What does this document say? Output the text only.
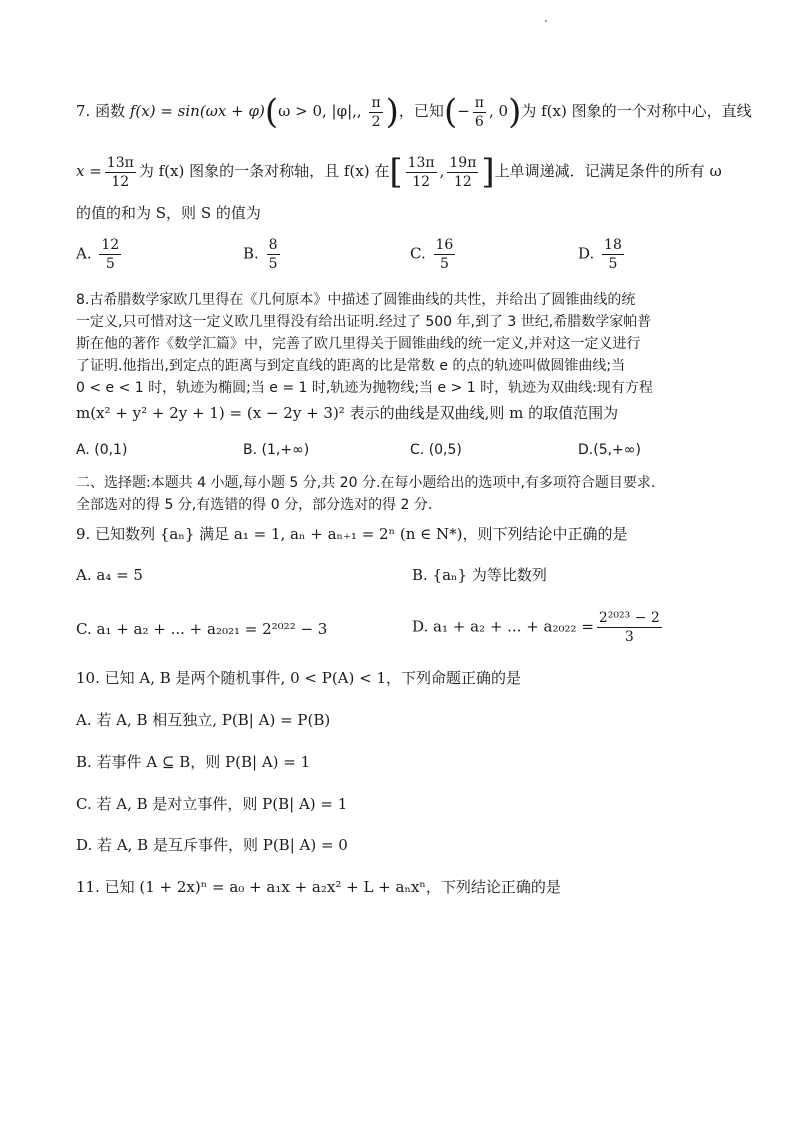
7. 函数 f(x) = sin(ωx + φ)(ω > 0, |φ|,, $\frac{\pi}{2}$ )，已知(− $\frac{\pi}{6}$ , 0)为 f(x) 图象的一个对称中心，直线
$x = \frac{13\pi}{12}$ 为 f(x) 图象的一条对称轴，且 f(x) 在[ $\frac{13\pi}{12}$ , $\frac{19\pi}{12}$ ]上单调递减．记满足条件的所有 ω
的值的和为 S，则 S 的值为
A. $\frac{12}{5}$	B. $\frac{8}{5}$	C. $\frac{16}{5}$	D. $\frac{18}{5}$
8.古希腊数学家欧几里得在《几何原本》中描述了圆锥曲线的共性，并给出了圆锥曲线的统
一定义,只可惜对这一定义欧几里得没有给出证明.经过了 500 年,到了 3 世纪,希腊数学家帕普
斯在他的著作《数学汇篇》中，完善了欧几里得关于圆锥曲线的统一定义,并对这一定义进行
了证明.他指出,到定点的距离与到定直线的距离的比是常数 e 的点的轨迹叫做圆锥曲线;当
0 < e < 1 时，轨迹为椭圆;当 e = 1 时,轨迹为抛物线;当 e > 1 时，轨迹为双曲线:现有方程
m(x² + y² + 2y + 1) = (x − 2y + 3)² 表示的曲线是双曲线,则 m 的取值范围为
A. (0,1)	B. (1,+∞)	C. (0,5)	D.(5,+∞)
二、选择题:本题共 4 小题,每小题 5 分,共 20 分.在每小题给出的选项中,有多项符合题目要求.
全部选对的得 5 分,有选错的得 0 分，部分选对的得 2 分.
9. 已知数列 {aₙ} 满足 a₁ = 1, aₙ + aₙ₊₁ = 2ⁿ (n ∈ N*)，则下列结论中正确的是
A. a₄ = 5	B. {aₙ} 为等比数列
C. a₁ + a₂ + ... + a₂₀₂₁ = 2²⁰²² − 3	D. a₁ + a₂ + ... + $a_{2022} = \frac{\text{2²⁰²³ − 2}}{3}$
10. 已知 A, B 是两个随机事件, 0 < P(A) < 1，下列命题正确的是
A. 若 A, B 相互独立, P(B| A) = P(B)
B. 若事件 A ⊆ B，则 P(B| A) = 1
C. 若 A, B 是对立事件，则 P(B| A) = 1
D. 若 A, B 是互斥事件，则 P(B| A) = 0
11. 已知 (1 + 2x)ⁿ = a₀ + a₁x + a₂x² + L + aₙxⁿ，下列结论正确的是
